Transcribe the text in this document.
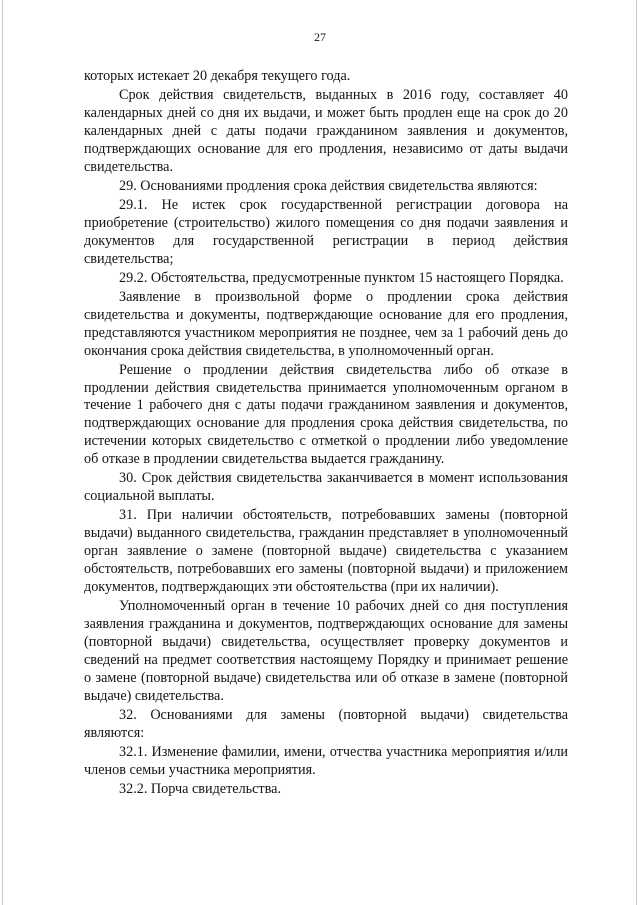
27

которых истекает 20 декабря текущего года.

Срок действия свидетельств, выданных в 2016 году, составляет 40 календарных дней со дня их выдачи, и может быть продлен еще на срок до 20 календарных дней с даты подачи гражданином заявления и документов, подтверждающих основание для его продления, независимо от даты выдачи свидетельства.

29. Основаниями продления срока действия свидетельства являются:

29.1. Не истек срок государственной регистрации договора на приобретение (строительство) жилого помещения со дня подачи заявления и документов для государственной регистрации в период действия свидетельства;

29.2. Обстоятельства, предусмотренные пунктом 15 настоящего Порядка.

Заявление в произвольной форме о продлении срока действия свидетельства и документы, подтверждающие основание для его продления, представляются участником мероприятия не позднее, чем за 1 рабочий день до окончания срока действия свидетельства, в уполномоченный орган.

Решение о продлении действия свидетельства либо об отказе в продлении действия свидетельства принимается уполномоченным органом в течение 1 рабочего дня с даты подачи гражданином заявления и документов, подтверждающих основание для продления срока действия свидетельства, по истечении которых свидетельство с отметкой о продлении либо уведомление об отказе в продлении свидетельства выдается гражданину.

30. Срок действия свидетельства заканчивается в момент использования социальной выплаты.

31. При наличии обстоятельств, потребовавших замены (повторной выдачи) выданного свидетельства, гражданин представляет в уполномоченный орган заявление о замене (повторной выдаче) свидетельства с указанием обстоятельств, потребовавших его замены (повторной выдачи) и приложением документов, подтверждающих эти обстоятельства (при их наличии).

Уполномоченный орган в течение 10 рабочих дней со дня поступления заявления гражданина и документов, подтверждающих основание для замены (повторной выдачи) свидетельства, осуществляет проверку документов и сведений на предмет соответствия настоящему Порядку и принимает решение о замене (повторной выдаче) свидетельства или об отказе в замене (повторной выдаче) свидетельства.

32. Основаниями для замены (повторной выдачи) свидетельства являются:

32.1. Изменение фамилии, имени, отчества участника мероприятия и/или членов семьи участника мероприятия.

32.2. Порча свидетельства.
